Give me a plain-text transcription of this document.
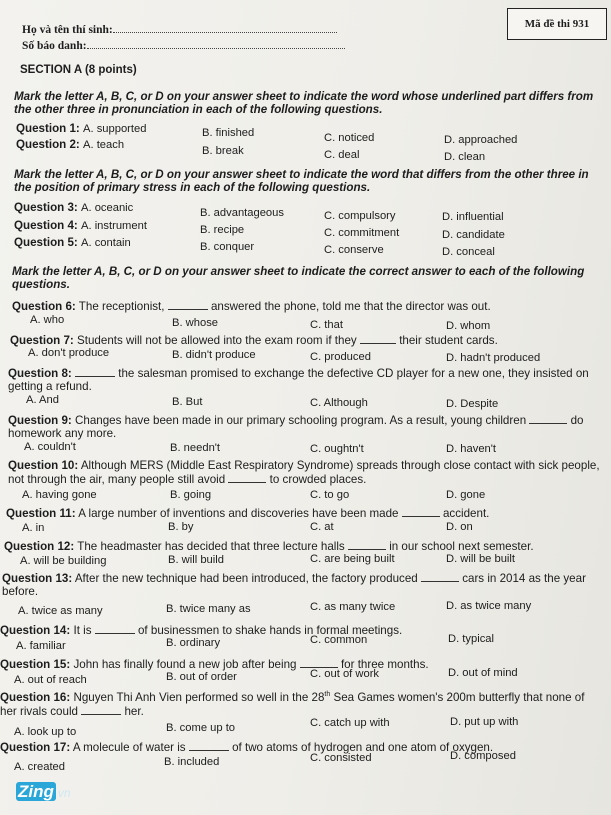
Họ và tên thí sinh:
Số báo danh:
Mã đề thi 931
SECTION A (8 points)
Mark the letter A, B, C, or D on your answer sheet to indicate the word whose underlined part differs from the other three in pronunciation in each of the following questions.
Question 1: A. supported	B. finished	C. noticed	D. approached
Question 2: A. teach	B. break	C. deal	D. clean
Mark the letter A, B, C, or D on your answer sheet to indicate the word that differs from the other three in the position of primary stress in each of the following questions.
Question 3: A. oceanic	B. advantageous	C. compulsory	D. influential
Question 4: A. instrument	B. recipe	C. commitment	D. candidate
Question 5: A. contain	B. conquer	C. conserve	D. conceal
Mark the letter A, B, C, or D on your answer sheet to indicate the correct answer to each of the following questions.
Question 6: The receptionist,	answered the phone, told me that the director was out.
A. who	B. whose	C. that	D. whom
Question 7: Students will not be allowed into the exam room if they	their student cards.
A. don't produce	B. didn't produce	C. produced	D. hadn't produced
Question 8:	the salesman promised to exchange the defective CD player for a new one, they insisted on getting a refund.
A. And	B. But	C. Although	D. Despite
Question 9: Changes have been made in our primary schooling program. As a result, young children	do homework any more.
A. couldn't	B. needn't	C. oughtn't	D. haven't
Question 10: Although MERS (Middle East Respiratory Syndrome) spreads through close contact with sick people, not through the air, many people still avoid	to crowded places.
A. having gone	B. going	C. to go	D. gone
Question 11: A large number of inventions and discoveries have been made	accident.
A. in	B. by	C. at	D. on
Question 12: The headmaster has decided that three lecture halls	in our school next semester.
A. will be building	B. will build	C. are being built	D. will be built
Question 13: After the new technique had been introduced, the factory produced	cars in 2014 as the year before.
A. twice as many	B. twice many as	C. as many twice	D. as twice many
Question 14: It is	of businessmen to shake hands in formal meetings.
A. familiar	B. ordinary	C. common	D. typical
Question 15: John has finally found a new job after being	for three months.
A. out of reach	B. out of order	C. out of work	D. out of mind
Question 16: Nguyen Thi Anh Vien performed so well in the 28th Sea Games women's 200m butterfly that none of her rivals could	her.
A. look up to	B. come up to	C. catch up with	D. put up with
Question 17: A molecule of water is	of two atoms of hydrogen and one atom of oxygen.
A. created	B. included	C. consisted	D. composed
Zing vn
